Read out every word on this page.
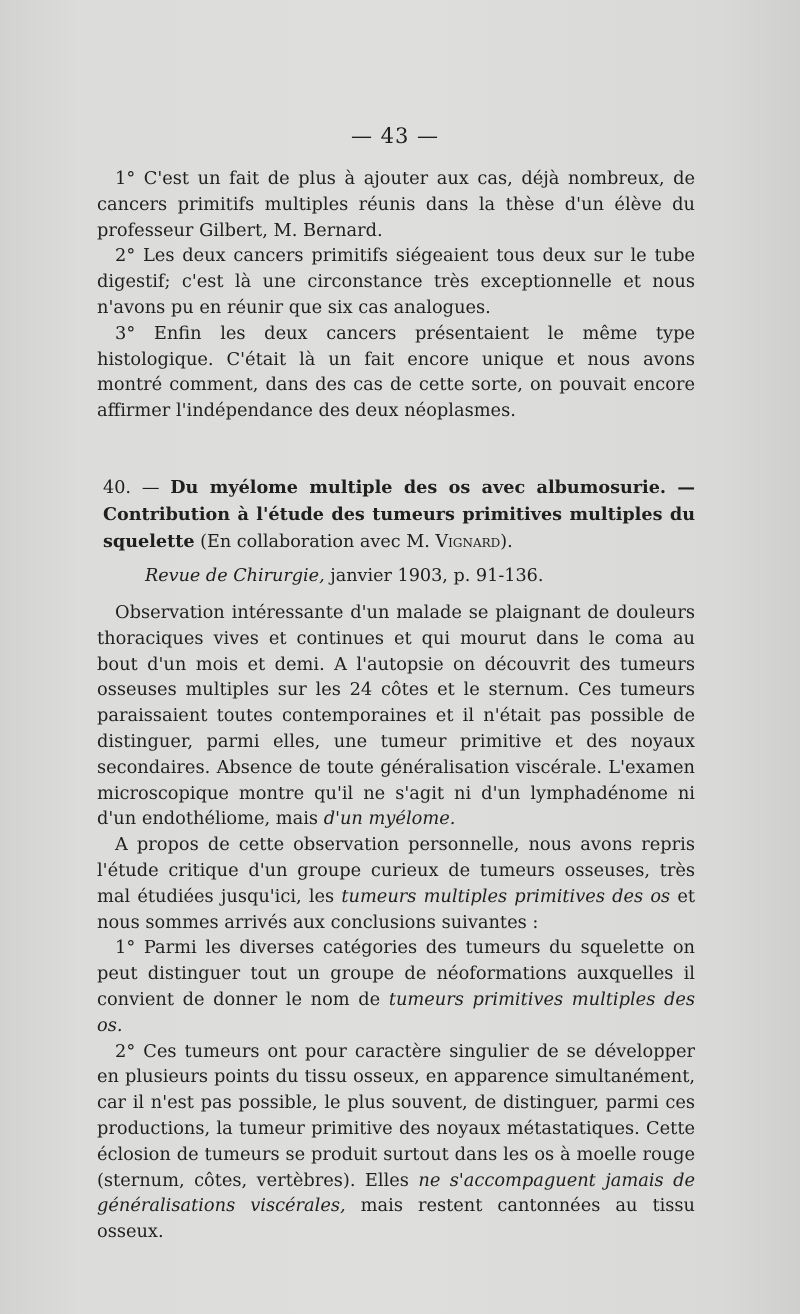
— 43 —

1° C'est un fait de plus à ajouter aux cas, déjà nombreux, de cancers primitifs multiples réunis dans la thèse d'un élève du professeur Gilbert, M. Bernard.

2° Les deux cancers primitifs siégeaient tous deux sur le tube digestif; c'est là une circonstance très exceptionnelle et nous n'avons pu en réunir que six cas analogues.

3° Enfin les deux cancers présentaient le même type histologique. C'était là un fait encore unique et nous avons montré comment, dans des cas de cette sorte, on pouvait encore affirmer l'indépendance des deux néoplasmes.

40. — Du myélome multiple des os avec albumosurie. — Contribution à l'étude des tumeurs primitives multiples du squelette (En collaboration avec M. Vignard).

Revue de Chirurgie, janvier 1903, p. 91-136.

Observation intéressante d'un malade se plaignant de douleurs thoraciques vives et continues et qui mourut dans le coma au bout d'un mois et demi. A l'autopsie on découvrit des tumeurs osseuses multiples sur les 24 côtes et le sternum. Ces tumeurs paraissaient toutes contemporaines et il n'était pas possible de distinguer, parmi elles, une tumeur primitive et des noyaux secondaires. Absence de toute généralisation viscérale. L'examen microscopique montre qu'il ne s'agit ni d'un lymphadénome ni d'un endothéliome, mais d'un myélome.

A propos de cette observation personnelle, nous avons repris l'étude critique d'un groupe curieux de tumeurs osseuses, très mal étudiées jusqu'ici, les tumeurs multiples primitives des os et nous sommes arrivés aux conclusions suivantes :

1° Parmi les diverses catégories des tumeurs du squelette on peut distinguer tout un groupe de néoformations auxquelles il convient de donner le nom de tumeurs primitives multiples des os.

2° Ces tumeurs ont pour caractère singulier de se développer en plusieurs points du tissu osseux, en apparence simultanément, car il n'est pas possible, le plus souvent, de distinguer, parmi ces productions, la tumeur primitive des noyaux métastatiques. Cette éclosion de tumeurs se produit surtout dans les os à moelle rouge (sternum, côtes, vertèbres). Elles ne s'accompaguent jamais de généralisations viscérales, mais restent cantonnées au tissu osseux.
